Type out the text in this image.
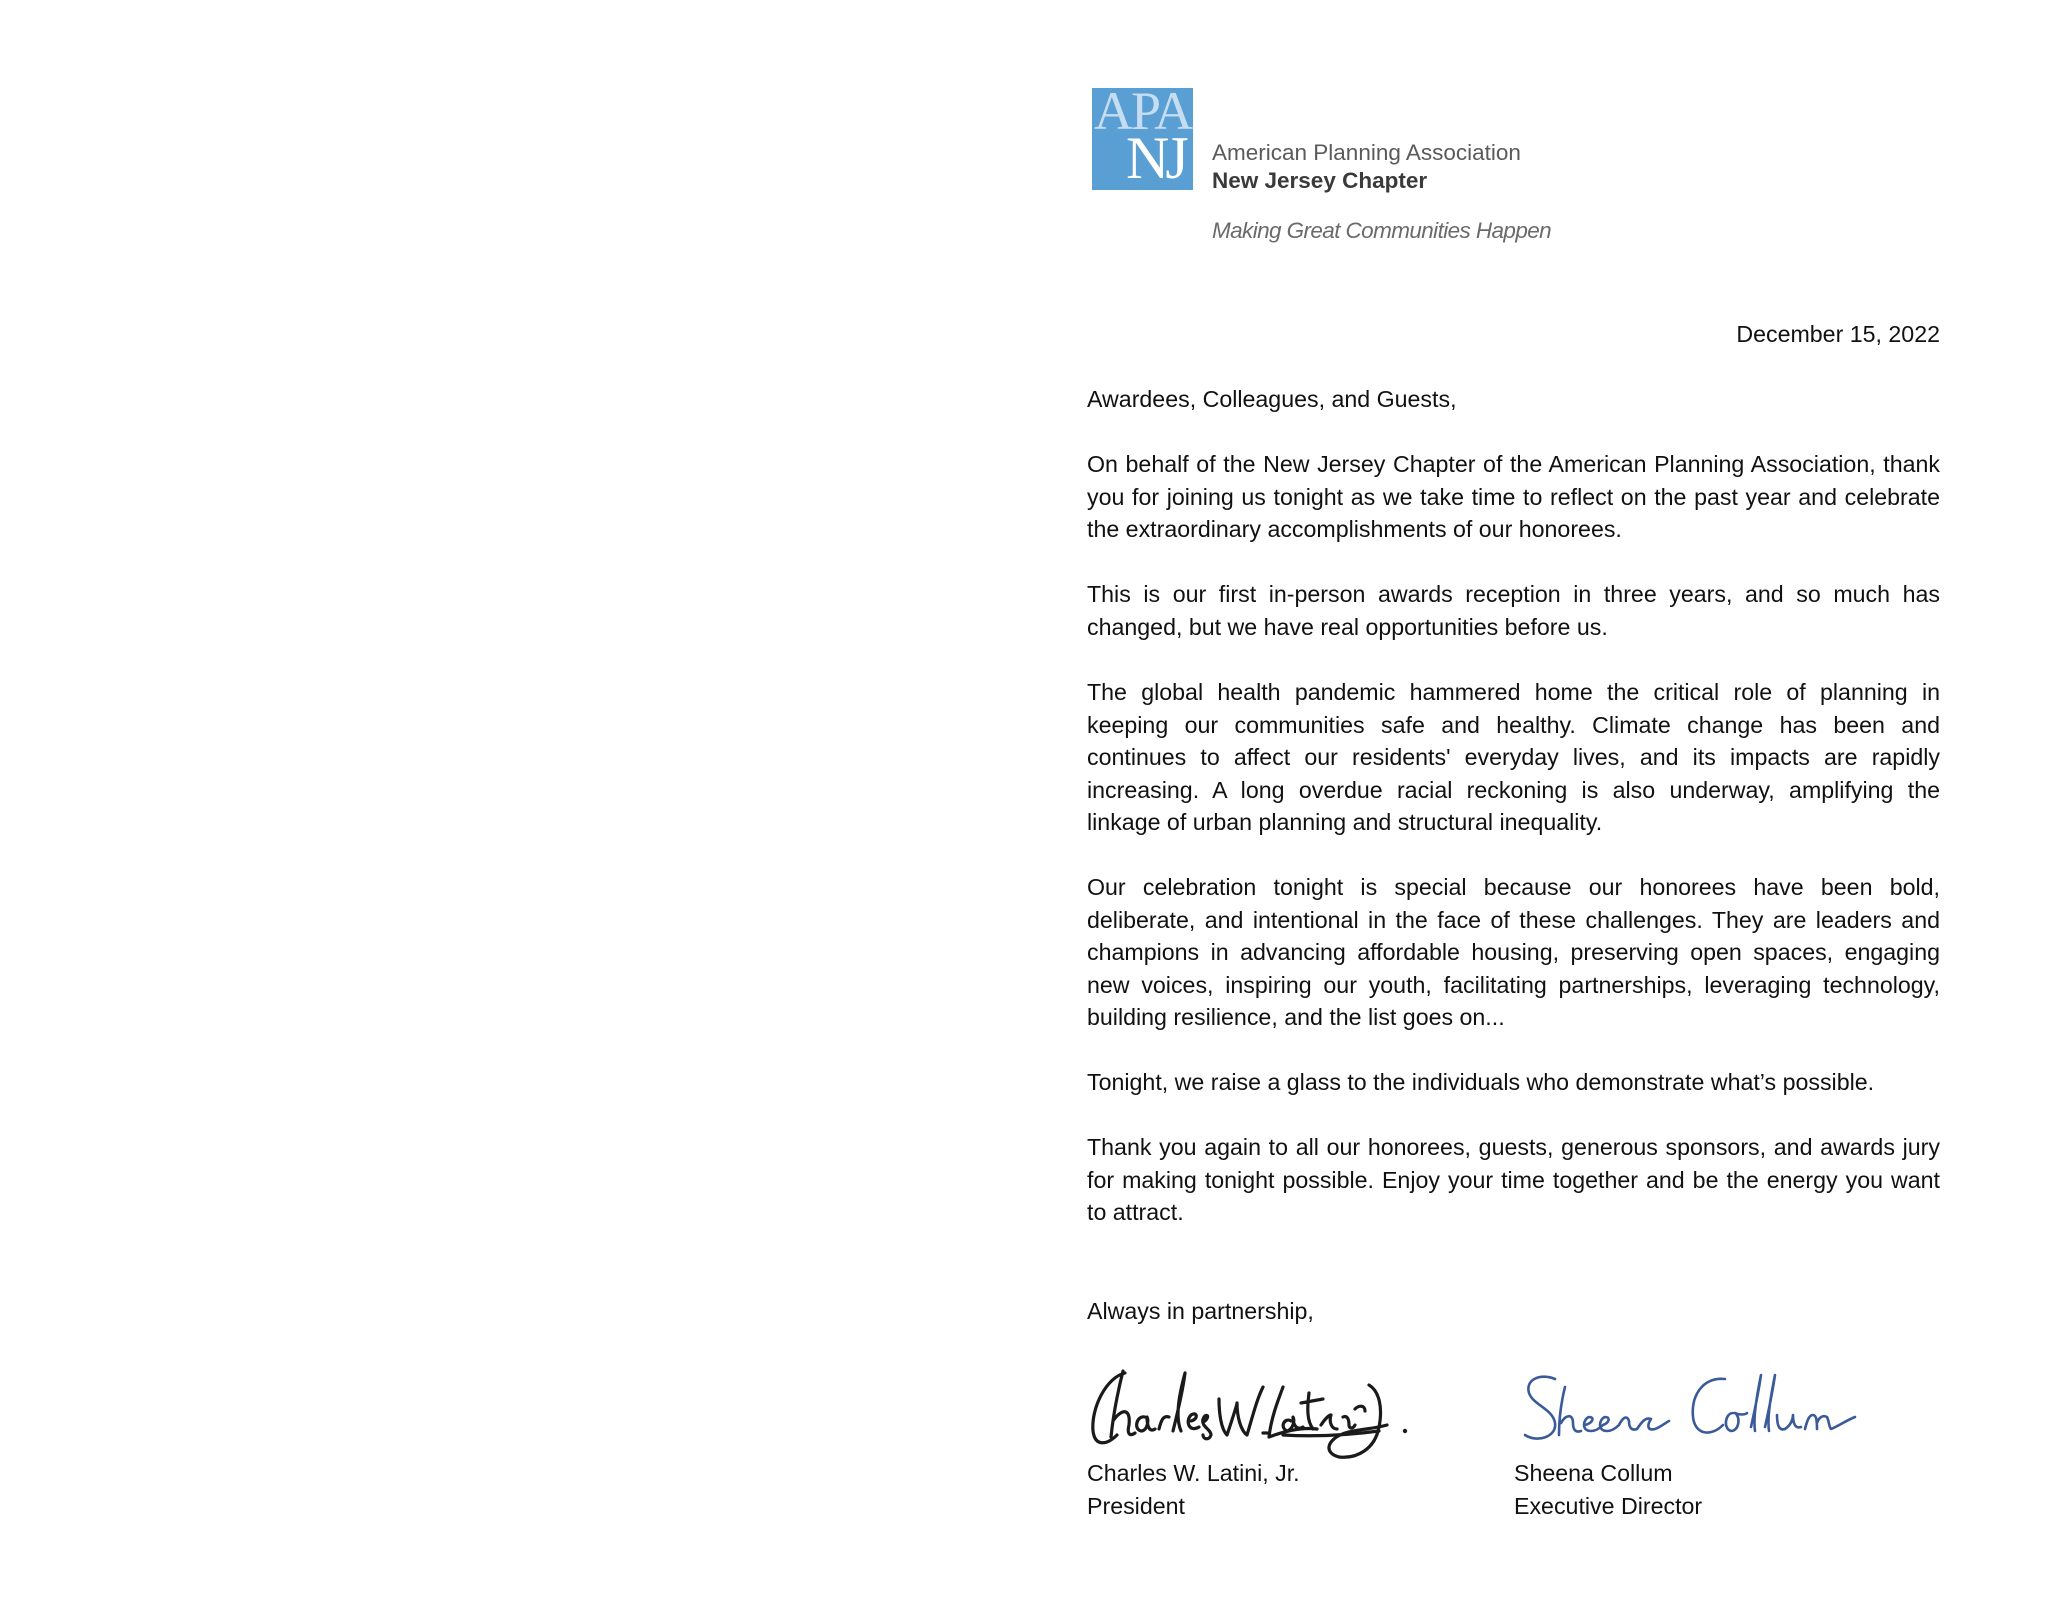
APA
NJ American Planning Association
New Jersey Chapter
Making Great Communities Happen
December 15, 2022
Awardees, Colleagues, and Guests,

On behalf of the New Jersey Chapter of the American Planning Association, thank you for joining us tonight as we take time to reflect on the past year and celebrate the extraordinary accomplishments of our honorees.

This is our first in-person awards reception in three years, and so much has changed, but we have real opportunities before us.

The global health pandemic hammered home the critical role of planning in keeping our communities safe and healthy. Climate change has been and continues to affect our residents' everyday lives, and its impacts are rapidly increasing. A long overdue racial reckoning is also underway, amplifying the linkage of urban planning and structural inequality.

Our celebration tonight is special because our honorees have been bold, deliberate, and intentional in the face of these challenges. They are leaders and champions in advancing affordable housing, preserving open spaces, engaging new voices, inspiring our youth, facilitating partnerships, leveraging technology, building resilience, and the list goes on...

Tonight, we raise a glass to the individuals who demonstrate what’s possible.

Thank you again to all our honorees, guests, generous sponsors, and awards jury for making tonight possible. Enjoy your time together and be the energy you want to attract.

Always in partnership,
Charles W. Latini, Jr.
President
Sheena Collum
Executive Director
